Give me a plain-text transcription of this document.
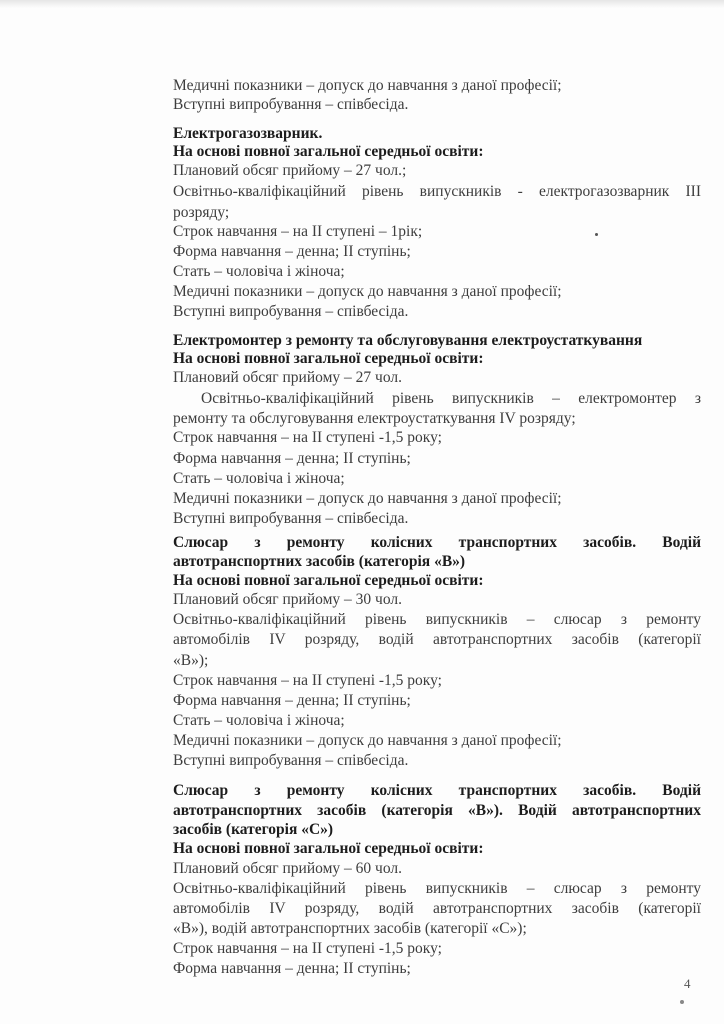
Медичні показники – допуск до навчання з даної професії;
Вступні випробування – співбесіда.
Електрогазозварник.
На основі повної загальної середньої освіти:
Плановий обсяг прийому – 27 чол.;
Освітньо-кваліфікаційний рівень випускників - електрогазозварник ІІІ
розряду;
Строк навчання – на ІІ ступені – 1рік;
Форма навчання – денна; ІІ ступінь;
Стать – чоловіча і жіноча;
Медичні показники – допуск до навчання з даної професії;
Вступні випробування – співбесіда.
Електромонтер з ремонту та обслуговування електроустаткування
На основі повної загальної середньої освіти:
Плановий обсяг прийому – 27 чол.
Освітньо-кваліфікаційний рівень випускників – електромонтер з
ремонту та обслуговування електроустаткування IV розряду;
Строк навчання – на ІІ ступені -1,5 року;
Форма навчання – денна; ІІ ступінь;
Стать – чоловіча і жіноча;
Медичні показники – допуск до навчання з даної професії;
Вступні випробування – співбесіда.
Слюсар з ремонту колісних транспортних засобів. Водій
автотранспортних засобів (категорія «В»)
На основі повної загальної середньої освіти:
Плановий обсяг прийому – 30 чол.
Освітньо-кваліфікаційний рівень випускників – слюсар з ремонту
автомобілів IV розряду, водій автотранспортних засобів (категорії
«В»);
Строк навчання – на ІІ ступені -1,5 року;
Форма навчання – денна; ІІ ступінь;
Стать – чоловіча і жіноча;
Медичні показники – допуск до навчання з даної професії;
Вступні випробування – співбесіда.
Слюсар з ремонту колісних транспортних засобів. Водій
автотранспортних засобів (категорія «В»). Водій автотранспортних
засобів (категорія «С»)
На основі повної загальної середньої освіти:
Плановий обсяг прийому – 60 чол.
Освітньо-кваліфікаційний рівень випускників – слюсар з ремонту
автомобілів IV розряду, водій автотранспортних засобів (категорії
«В»), водій автотранспортних засобів (категорії «С»);
Строк навчання – на ІІ ступені -1,5 року;
Форма навчання – денна; ІІ ступінь;
4
